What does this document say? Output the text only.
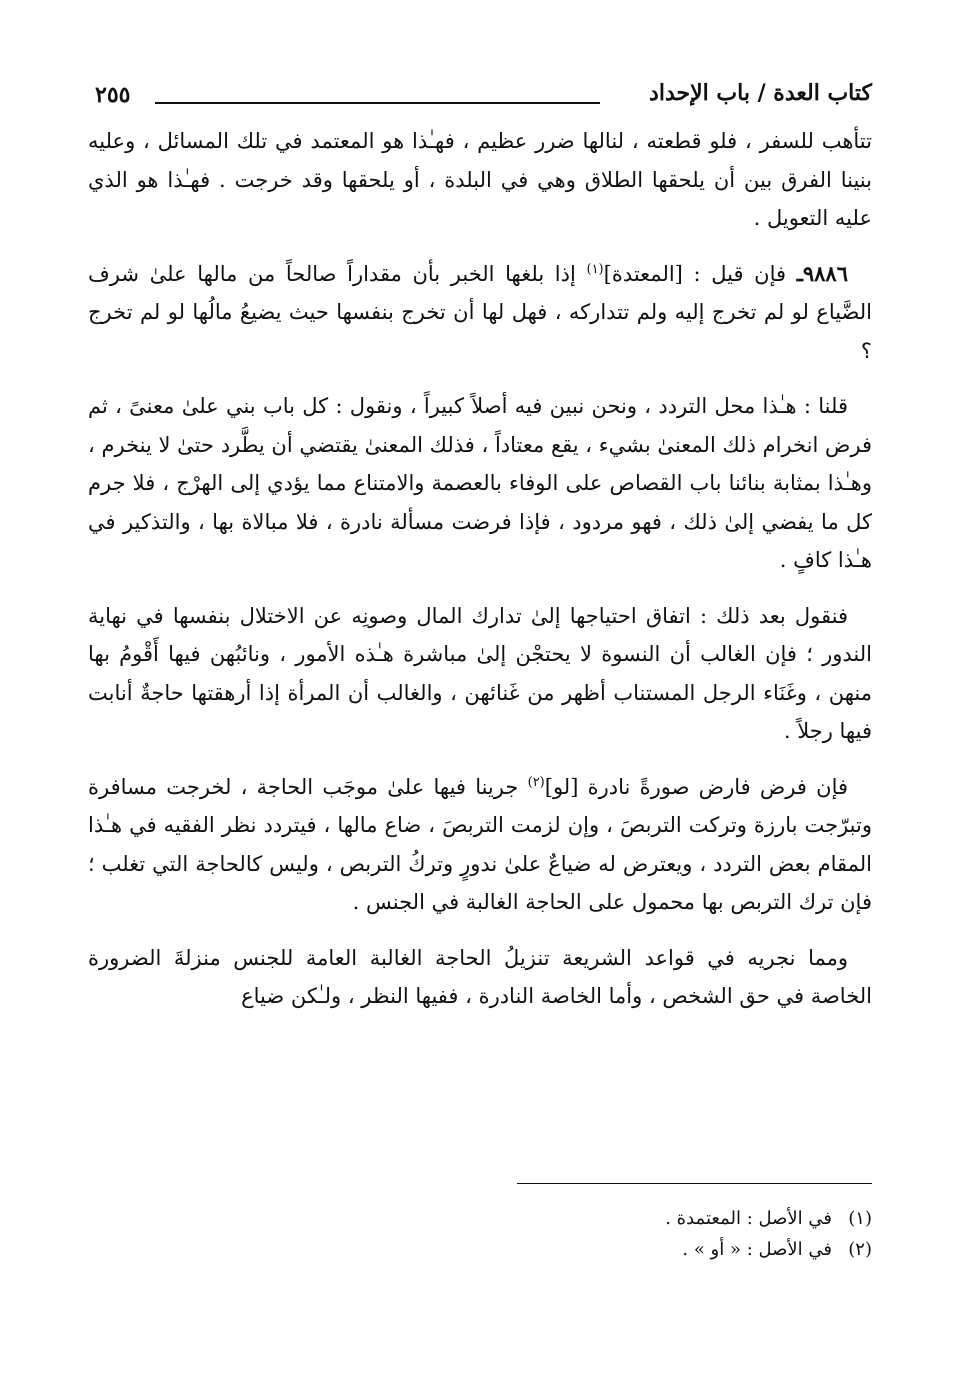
كتاب العدة / باب الإحداد
٢٥٥

تتأهب للسفر ، فلو قطعته ، لنالها ضرر عظيم ، فهـٰذا هو المعتمد في تلك المسائل ، وعليه بنينا الفرق بين أن يلحقها الطلاق وهي في البلدة ، أو يلحقها وقد خرجت . فهـٰذا هو الذي عليه التعويل .

٩٨٨٦ـ فإن قيل : [المعتدة]$^{(١)}$ إذا بلغها الخبر بأن مقداراً صالحاً من مالها علىٰ شرف الضَّياع لو لم تخرج إليه ولم تتداركه ، فهل لها أن تخرج بنفسها حيث يضيعُ مالُها لو لم تخرج ؟

قلنا : هـٰذا محل التردد ، ونحن نبين فيه أصلاً كبيراً ، ونقول : كل باب بني علىٰ معنىً ، ثم فرض انخرام ذلك المعنىٰ بشيء ، يقع معتاداً ، فذلك المعنىٰ يقتضي أن يطَّرد حتىٰ لا ينخرم ، وهـٰذا بمثابة بنائنا باب القصاص على الوفاء بالعصمة والامتناع مما يؤدي إلى الهرْج ، فلا جرم كل ما يفضي إلىٰ ذلك ، فهو مردود ، فإذا فرضت مسألة نادرة ، فلا مبالاة بها ، والتذكير في هـٰذا كافٍ .

فنقول بعد ذلك : اتفاق احتياجها إلىٰ تدارك المال وصونِه عن الاختلال بنفسها في نهاية الندور ؛ فإن الغالب أن النسوة لا يحتجْن إلىٰ مباشرة هـٰذه الأمور ، ونائبُهن فيها أَقْومُ بها منهن ، وغَنَاء الرجل المستناب أظهر من غَنائهن ، والغالب أن المرأة إذا أرهقتها حاجةٌ أنابت فيها رجلاً .

فإن فرض فارض صورةً نادرة [لو]$^{(٢)}$ جرينا فيها علىٰ موجَب الحاجة ، لخرجت مسافرة وتبرّجت بارزة وتركت التربصَ ، وإن لزمت التربصَ ، ضاع مالها ، فيتردد نظر الفقيه في هـٰذا المقام بعض التردد ، ويعترض له ضياعٌ علىٰ ندورٍ وتركُ التربص ، وليس كالحاجة التي تغلب ؛ فإن ترك التربص بها محمول على الحاجة الغالبة في الجنس .

ومما نجريه في قواعد الشريعة تنزيلُ الحاجة الغالبة العامة للجنس منزلةَ الضرورة الخاصة في حق الشخص ، وأما الخاصة النادرة ، ففيها النظر ، ولـٰكن ضياع

(١)في الأصل : المعتمدة .
(٢)في الأصل : « أو » .
